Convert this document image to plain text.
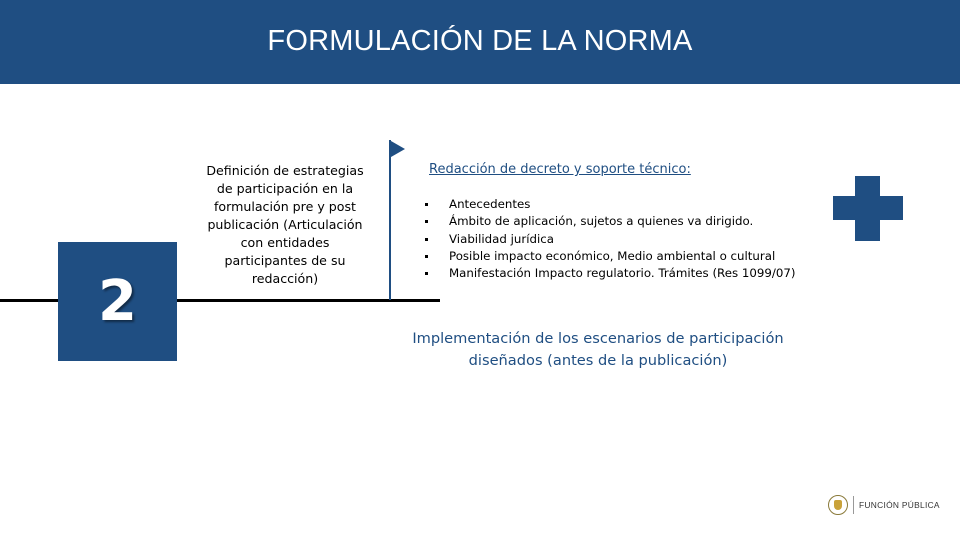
FORMULACIÓN DE LA NORMA
2
Definición de estrategias
de participación en la
formulación pre y post
publicación (Articulación
con entidades
participantes de su
redacción)
Redacción de decreto y soporte técnico:
Antecedentes
Ámbito de aplicación, sujetos a quienes va dirigido.
Viabilidad jurídica
Posible impacto económico, Medio ambiental o cultural
Manifestación Impacto regulatorio. Trámites (Res 1099/07)
Implementación de los escenarios de participación
diseñados (antes de la publicación)
FUNCIÓN PÚBLICA
